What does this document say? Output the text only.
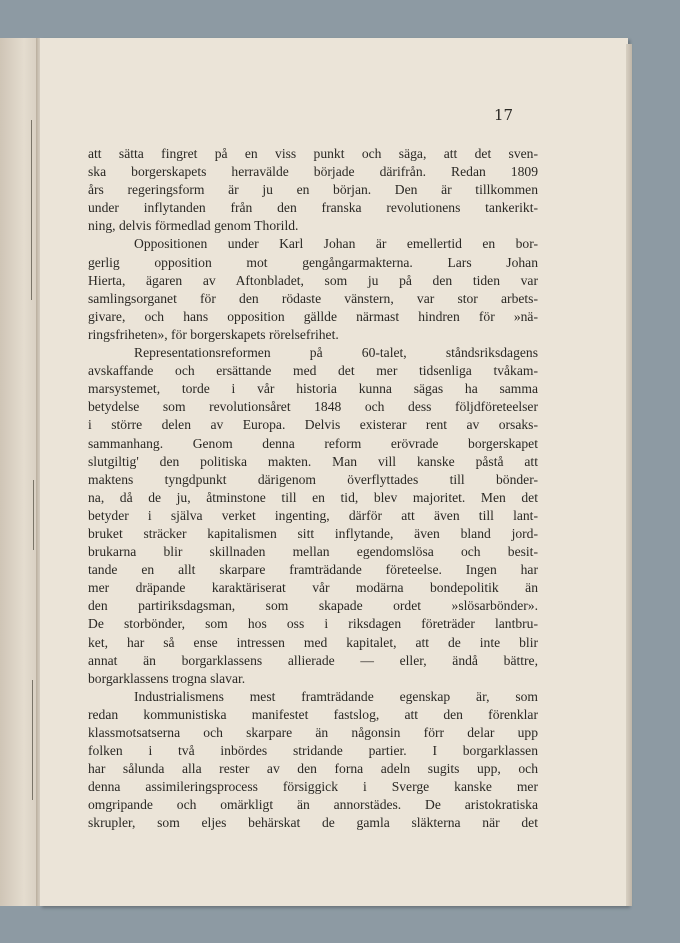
17
att sätta fingret på en viss punkt och säga, att det sven-
ska borgerskapets herravälde började därifrån. Redan 1809
års regeringsform är ju en början. Den är tillkommen
under inflytanden från den franska revolutionens tankerikt-
ning, delvis förmedlad genom Thorild.
Oppositionen under Karl Johan är emellertid en bor-
gerlig opposition mot gengångarmakterna. Lars Johan
Hierta, ägaren av Aftonbladet, som ju på den tiden var
samlingsorganet för den rödaste vänstern, var stor arbets-
givare, och hans opposition gällde närmast hindren för »nä-
ringsfriheten», för borgerskapets rörelsefrihet.
Representationsreformen på 60-talet, ståndsriksdagens
avskaffande och ersättande med det mer tidsenliga tvåkam-
marsystemet, torde i vår historia kunna sägas ha samma
betydelse som revolutionsåret 1848 och dess följdföreteelser
i större delen av Europa. Delvis existerar rent av orsaks-
sammanhang. Genom denna reform erövrade borgerskapet
slutgiltig' den politiska makten. Man vill kanske påstå att
maktens tyngdpunkt därigenom överflyttades till bönder-
na, då de ju, åtminstone till en tid, blev majoritet. Men det
betyder i själva verket ingenting, därför att även till lant-
bruket sträcker kapitalismen sitt inflytande, även bland jord-
brukarna blir skillnaden mellan egendomslösa och besit-
tande en allt skarpare framträdande företeelse. Ingen har
mer dräpande karaktäriserat vår modärna bondepolitik än
den partiriksdagsman, som skapade ordet »slösarbönder».
De storbönder, som hos oss i riksdagen företräder lantbru-
ket, har så ense intressen med kapitalet, att de inte blir
annat än borgarklassens allierade — eller, ändå bättre,
borgarklassens trogna slavar.
Industrialismens mest framträdande egenskap är, som
redan kommunistiska manifestet fastslog, att den förenklar
klassmotsatserna och skarpare än någonsin förr delar upp
folken i två inbördes stridande partier. I borgarklassen
har sålunda alla rester av den forna adeln sugits upp, och
denna assimileringsprocess försiggick i Sverge kanske mer
omgripande och omärkligt än annorstädes. De aristokratiska
skrupler, som eljes behärskat de gamla släkterna när det
